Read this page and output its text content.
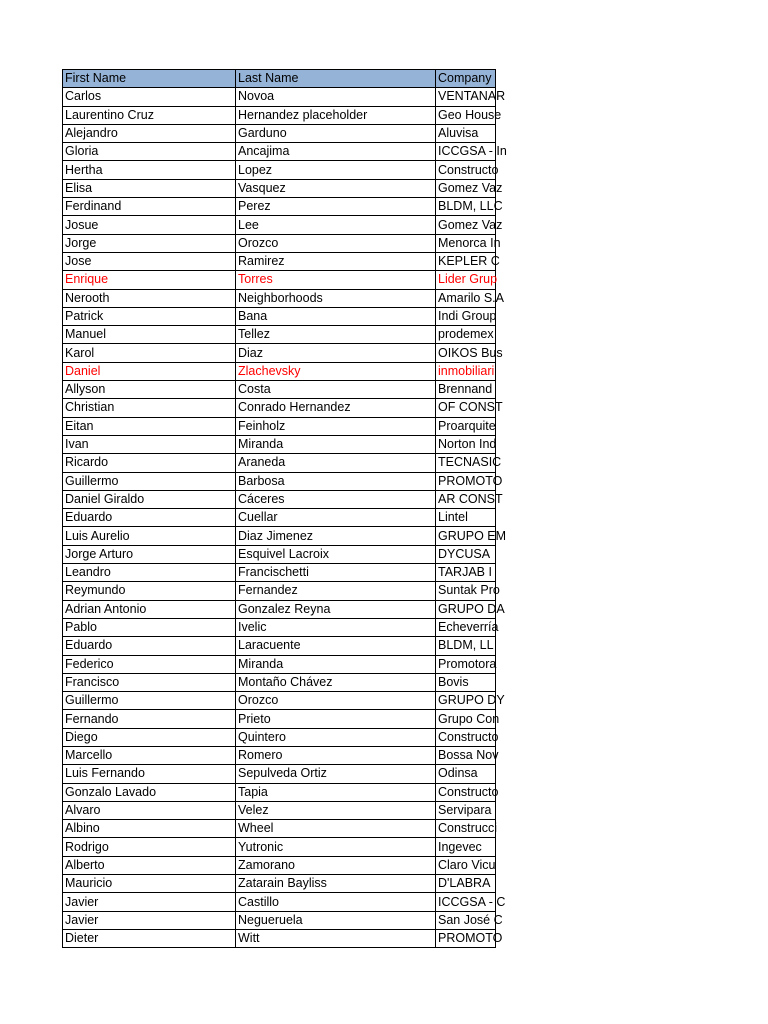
First Name	Last Name	Company
Carlos	Novoa	VENTANAR
Laurentino Cruz	Hernandez placeholder	Geo House
Alejandro	Garduno	Aluvisa
Gloria	Ancajima	ICCGSA - In
Hertha	Lopez	Constructo
Elisa	Vasquez	Gomez Vaz
Ferdinand	Perez	BLDM, LLC
Josue	Lee	Gomez Vaz
Jorge	Orozco	Menorca In
Jose	Ramirez	KEPLER C
Enrique	Torres	Lider Grup
Nerooth	Neighborhoods	Amarilo S.A
Patrick	Bana	Indi Group
Manuel	Tellez	prodemex
Karol	Diaz	OIKOS Bus
Daniel	Zlachevsky	inmobiliari
Allyson	Costa	Brennand
Christian	Conrado Hernandez	OF CONST
Eitan	Feinholz	Proarquite
Ivan	Miranda	Norton Ind
Ricardo	Araneda	TECNASIC
Guillermo	Barbosa	PROMOTO
Daniel Giraldo	Cáceres	AR CONST
Eduardo	Cuellar	Lintel
Luis Aurelio	Diaz Jimenez	GRUPO EM
Jorge Arturo	Esquivel Lacroix	DYCUSA
Leandro	Francischetti	TARJAB I
Reymundo	Fernandez	Suntak Pro
Adrian Antonio	Gonzalez Reyna	GRUPO DA
Pablo	Ivelic	Echeverría
Eduardo	Laracuente	BLDM, LL
Federico	Miranda	Promotora
Francisco	Montaño Chávez	Bovis
Guillermo	Orozco	GRUPO DY
Fernando	Prieto	Grupo Con
Diego	Quintero	Constructo
Marcello	Romero	Bossa Nov
Luis Fernando	Sepulveda Ortiz	Odinsa
Gonzalo Lavado	Tapia	Constructo
Alvaro	Velez	Servipara
Albino	Wheel	Construcci
Rodrigo	Yutronic	Ingevec
Alberto	Zamorano	Claro Vicu
Mauricio	Zatarain Bayliss	D'LABRA
Javier	Castillo	ICCGSA - C
Javier	Negueruela	San José C
Dieter	Witt	PROMOTO
